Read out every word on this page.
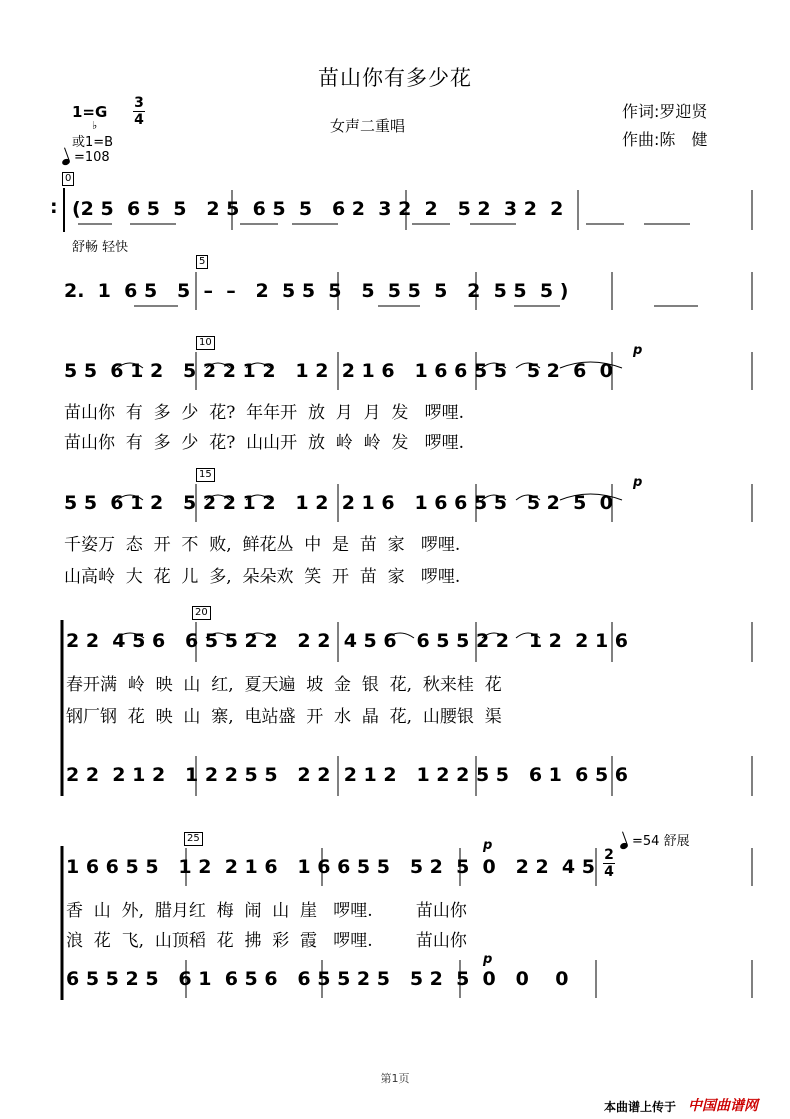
苗山你有多少花
女声二重唱
作词:罗迎贤
作曲:陈　健
1=G
♭
或1=B
3
4
=108
0
5
10
15
20
25
: (2 5  6 5  5   2 5  6 5  5   6 2  3 2  2   5 2  3 2  2
舒畅 轻快
2.  1  6 5   5  –  –   2  5 5  5   5  5 5  5   2  5 5  5 )
p
5 5  6 1 2   5 2 2 1 2   1 2  2 1 6   1 6 6 5 5   5 2  6  0
苗山你  有  多  少  花?  年年开  放  月  月  发   啰哩.
苗山你  有  多  少  花?  山山开  放  岭  岭  发   啰哩.
p
5 5  6 1 2   5 2 2 1 2   1 2  2 1 6   1 6 6 5 5   5 2  5  0
千姿万  态  开  不  败,  鲜花丛  中  是  苗  家   啰哩.
山高岭  大  花  儿  多,  朵朵欢  笑  开  苗  家   啰哩.
2 2  4 5 6   6 5 5 2 2   2 2  4 5 6   6 5 5 2 2   1 2  2 1 6
春开满  岭  映  山  红,  夏天遍  坡  金  银  花,  秋来桂  花
钢厂钢  花  映  山  寨,  电站盛  开  水  晶  花,  山腰银  渠
2 2  2 1 2   1 2 2 5 5   2 2  2 1 2   1 2 2 5 5   6 1  6 5 6
=54 舒展
p
2
4
1 6 6 5 5   1 2  2 1 6   1 6 6 5 5   5 2  5  0   2 2  4 5
香  山  外,  腊月红  梅  闹  山  崖   啰哩.        苗山你
浪  花  飞,  山顶稻  花  拂  彩  霞   啰哩.        苗山你
p
6 5 5 2 5   6 1  6 5 6   6 5 5 2 5   5 2  5  0   0    0
第1页
本曲谱上传于 中国曲谱网
